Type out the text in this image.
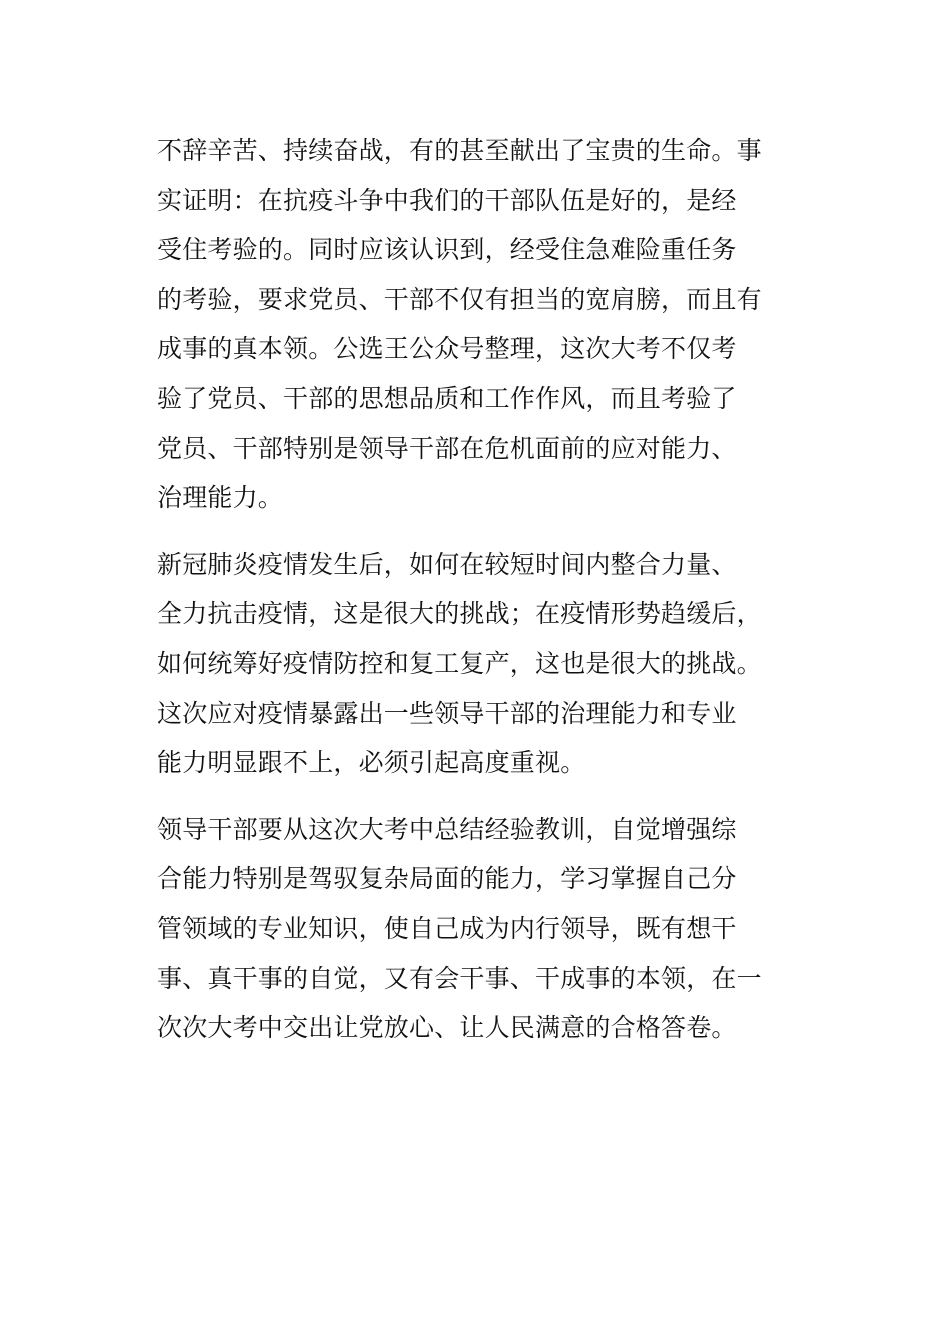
不辞辛苦、持续奋战，有的甚至献出了宝贵的生命。事
实证明：在抗疫斗争中我们的干部队伍是好的，是经
受住考验的。同时应该认识到，经受住急难险重任务
的考验，要求党员、干部不仅有担当的宽肩膀，而且有
成事的真本领。公选王公众号整理，这次大考不仅考
验了党员、干部的思想品质和工作作风，而且考验了
党员、干部特别是领导干部在危机面前的应对能力、
治理能力。

新冠肺炎疫情发生后，如何在较短时间内整合力量、
全力抗击疫情，这是很大的挑战；在疫情形势趋缓后，
如何统筹好疫情防控和复工复产，这也是很大的挑战。
这次应对疫情暴露出一些领导干部的治理能力和专业
能力明显跟不上，必须引起高度重视。

领导干部要从这次大考中总结经验教训，自觉增强综
合能力特别是驾驭复杂局面的能力，学习掌握自己分
管领域的专业知识，使自己成为内行领导，既有想干
事、真干事的自觉，又有会干事、干成事的本领，在一
次次大考中交出让党放心、让人民满意的合格答卷。
